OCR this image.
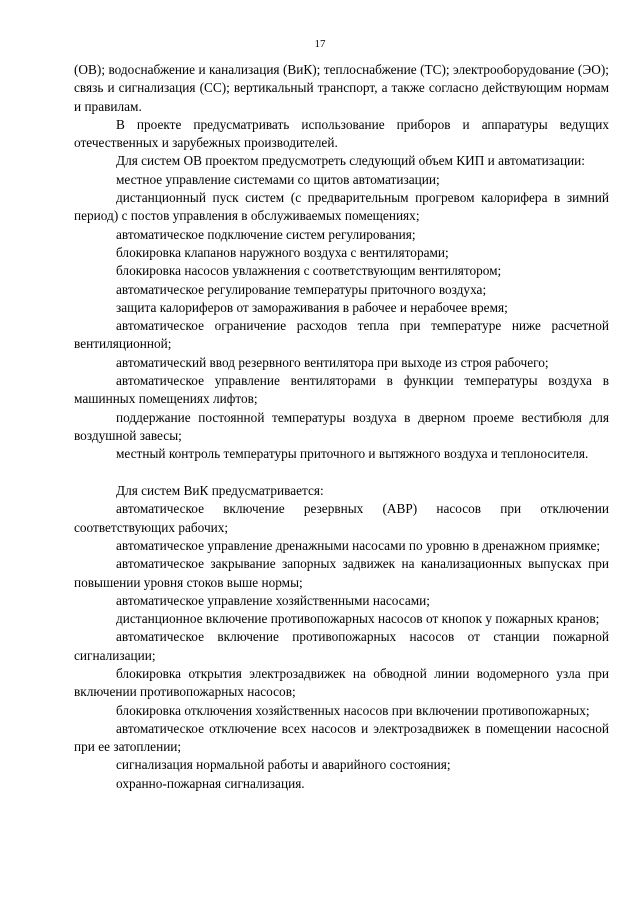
17

(ОВ); водоснабжение и канализация (ВиК); теплоснабжение (ТС); электрооборудование (ЭО); связь и сигнализация (СС); вертикальный транспорт, а также согласно действующим нормам и правилам.

В проекте предусматривать использование приборов и аппаратуры ведущих отечественных и зарубежных производителей.

Для систем ОВ проектом предусмотреть следующий объем КИП и автоматизации:

местное управление системами со щитов автоматизации;

дистанционный пуск систем (с предварительным прогревом калорифера в зимний период) с постов управления в обслуживаемых помещениях;

автоматическое подключение систем регулирования;

блокировка клапанов наружного воздуха с вентиляторами;

блокировка насосов увлажнения с соответствующим вентилятором;

автоматическое регулирование температуры приточного воздуха;

защита калориферов от замораживания в рабочее и нерабочее время;

автоматическое ограничение расходов тепла при температуре ниже расчетной вентиляционной;

автоматический ввод резервного вентилятора при выходе из строя рабочего;

автоматическое управление вентиляторами в функции температуры воздуха в машинных помещениях лифтов;

поддержание постоянной температуры воздуха в дверном проеме вестибюля для воздушной завесы;

местный контроль температуры приточного и вытяжного воздуха и теплоносителя.

Для систем ВиК предусматривается:

автоматическое включение резервных (АВР) насосов при отключении соответствующих рабочих;

автоматическое управление дренажными насосами по уровню в дренажном приямке;

автоматическое закрывание запорных задвижек на канализационных выпусках при повышении уровня стоков выше нормы;

автоматическое управление хозяйственными насосами;

дистанционное включение противопожарных насосов от кнопок у пожарных кранов;

автоматическое включение противопожарных насосов от станции пожарной сигнализации;

блокировка открытия электрозадвижек на обводной линии водомерного узла при включении противопожарных насосов;

блокировка отключения хозяйственных насосов при включении противопожарных;

автоматическое отключение всех насосов и электрозадвижек в помещении насосной при ее затоплении;

сигнализация нормальной работы и аварийного состояния;

охранно-пожарная сигнализация.
